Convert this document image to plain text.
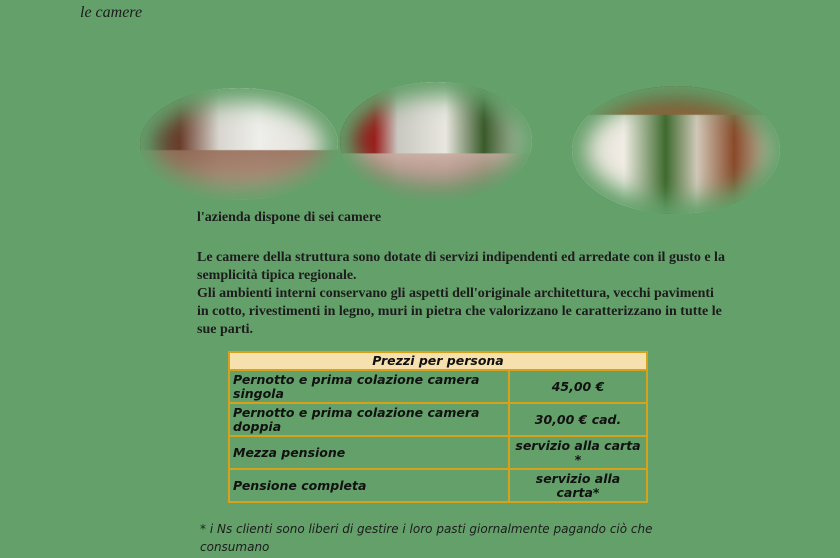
le camere
l'azienda dispone di sei camere

Le camere della struttura sono dotate di servizi indipendenti ed arredate con il gusto e la semplicità tipica regionale.

Gli ambienti interni conservano gli aspetti dell'originale architettura, vecchi pavimenti in cotto, rivestimenti in legno, muri in pietra che valorizzano le caratterizzano in tutte le sue parti.

Prezzi per persona	
Pernotto e prima colazione camera singola	45,00 €
Pernotto e prima colazione camera doppia	30,00 € cad.
Mezza pensione	servizio alla carta *
Pensione completa	servizio alla carta*
* i Ns clienti sono liberi di gestire i loro pasti giornalmente pagando ciò che consumano
